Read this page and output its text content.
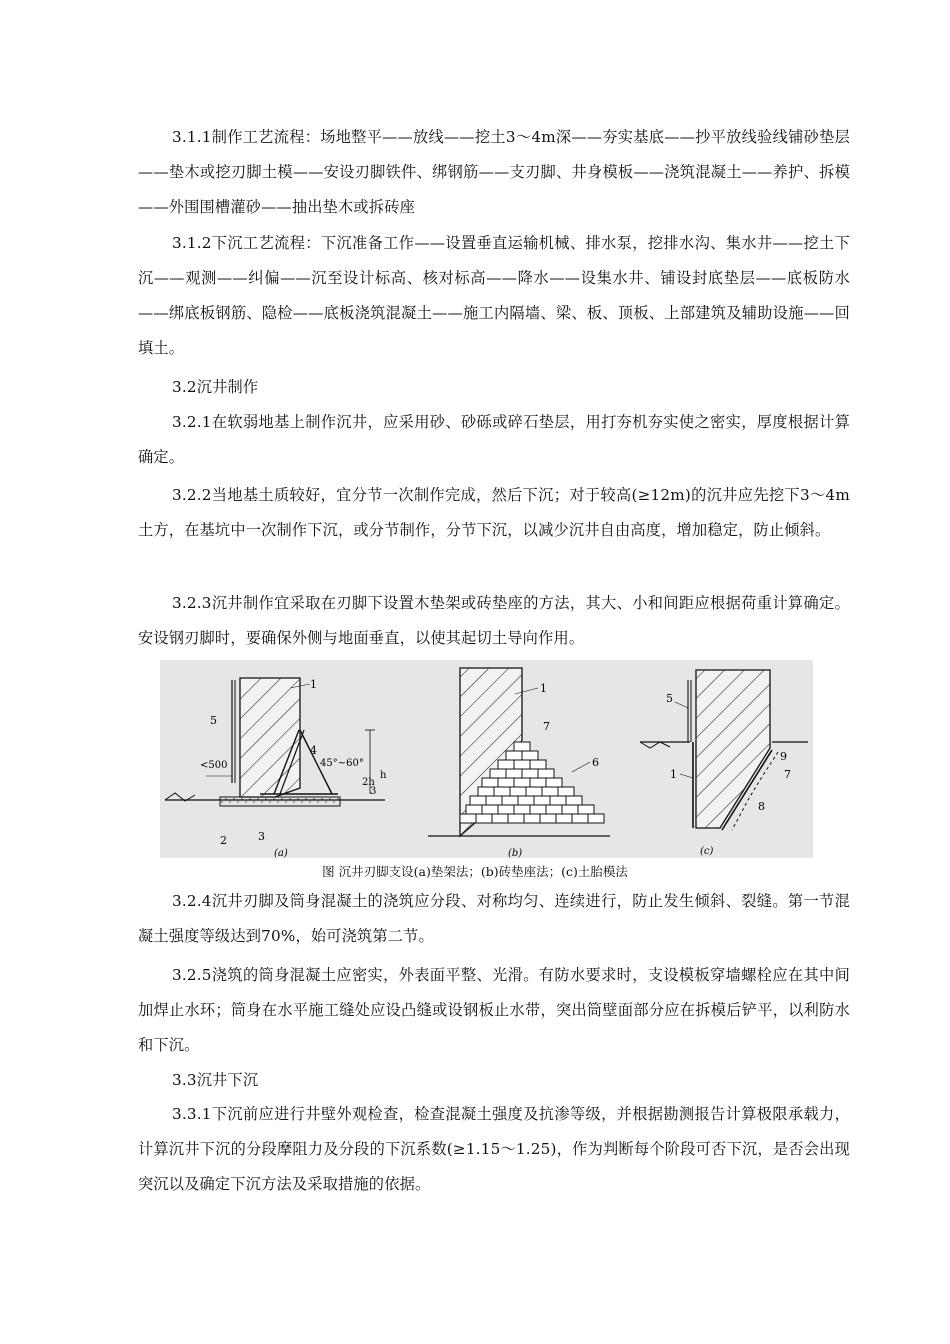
3.1.1制作工艺流程：场地整平——放线——挖土3～4m深——夯实基底——抄平放线验线铺砂垫层——垫木或挖刃脚土模——安设刃脚铁件、绑钢筋——支刃脚、井身模板——浇筑混凝土——养护、拆模——外围围槽灌砂——抽出垫木或拆砖座

3.1.2下沉工艺流程：下沉准备工作——设置垂直运输机械、排水泵，挖排水沟、集水井——挖土下沉——观测——纠偏——沉至设计标高、核对标高——降水——设集水井、铺设封底垫层——底板防水——绑底板钢筋、隐检——底板浇筑混凝土——施工内隔墙、梁、板、顶板、上部建筑及辅助设施——回填土。

3.2沉井制作

3.2.1在软弱地基上制作沉井，应采用砂、砂砾或碎石垫层，用打夯机夯实使之密实，厚度根据计算确定。

3.2.2当地基土质较好，宜分节一次制作完成，然后下沉；对于较高(≥12m)的沉井应先挖下3～4m土方，在基坑中一次制作下沉，或分节制作，分节下沉，以减少沉井自由高度，增加稳定，防止倾斜。

3.2.3沉井制作宜采取在刃脚下设置木垫架或砖垫座的方法，其大、小和间距应根据荷重计算确定。安设钢刃脚时，要确保外侧与地面垂直，以使其起切土导向作用。

1
2	3
4
5
<500	45°~60°
h
2h
3
(a)
1
6
7
(b)
5
1	7
9
8
(c)
图 沉井刃脚支设(a)垫架法；(b)砖垫座法；(c)土胎模法

3.2.4沉井刃脚及筒身混凝土的浇筑应分段、对称均匀、连续进行，防止发生倾斜、裂缝。第一节混凝土强度等级达到70%，始可浇筑第二节。

3.2.5浇筑的筒身混凝土应密实，外表面平整、光滑。有防水要求时，支设模板穿墙螺栓应在其中间加焊止水环；筒身在水平施工缝处应设凸缝或设钢板止水带，突出筒壁面部分应在拆模后铲平，以利防水和下沉。

3.3沉井下沉

3.3.1下沉前应进行井壁外观检查，检查混凝土强度及抗渗等级，并根据勘测报告计算极限承载力，计算沉井下沉的分段摩阻力及分段的下沉系数(≥1.15～1.25)，作为判断每个阶段可否下沉，是否会出现突沉以及确定下沉方法及采取措施的依据。
